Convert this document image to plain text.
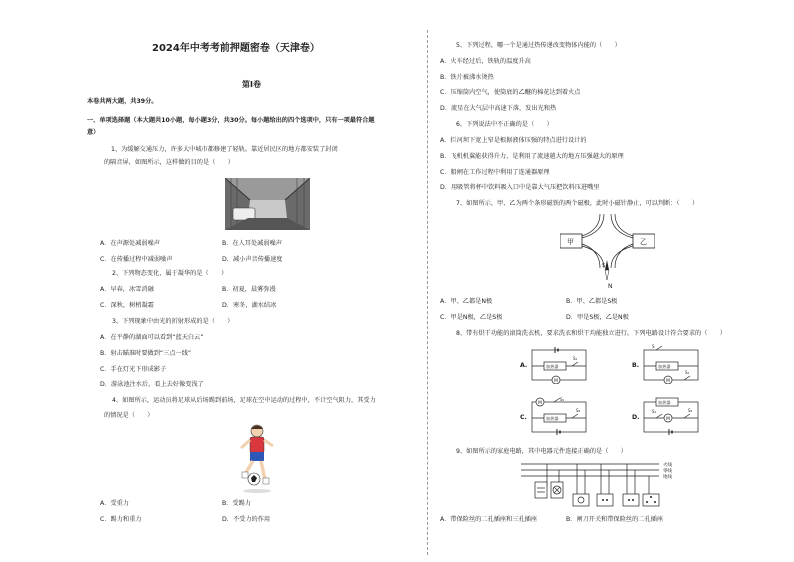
2024年中考考前押题密卷（天津卷）
第Ⅰ卷
本卷共两大题，共39分。
一、单项选择题（本大题共10小题，每小题3分，共30分。每小题给出的四个选项中，只有一项最符合题
意）
1、为缓解交通压力，许多大中城市都修建了轻轨。靠近居民区的地方都安装了封闭
的隔音屏，如图所示，这样做的目的是（　　）
A．在声源处减弱噪声	B．在人耳处减弱噪声
C．在传播过程中减弱噪声	D．减小声音传播速度
2、下列物态变化，属于凝华的是（　　）
A．早春，冰雪消融	B．初夏，晨雾弥漫
C．深秋，树梢凝霜	D．寒冬，湖水结冰
3、下列现象中由光的折射形成的是（　　）
A．在平静的湖面可以看到“蓝天白云”
B．射击瞄准时要做到“三点一线”
C．手在灯光下形成影子
D．游泳池注水后，看上去好像变浅了
4、如图所示，运动员将足球从后场踢到前场，足球在空中运动的过程中，不计空气阻力，其受力
的情况是（　　）
A．受重力	B．受踢力
C．踢力和重力	D．不受力的作用
5、下列过程，哪一个是通过热传递改变物体内能的（　　）
A．火车经过后，铁轨的温度升高
B．铁片被沸水烫热
C．压缩筒内空气，使筒底的乙醚的棉花达到着火点
D．流星在大气层中高速下落，发出光和热
6、下列说法中不正确的是（　　）
A．拦河坝下宽上窄是根据液体压强的特点进行设计的
B．飞机机翼能获得升力，是利用了流速越大的地方压强越大的原理
C．船闸在工作过程中利用了连通器原理
D．用吸管将杯中饮料吸入口中是靠大气压把饮料压进嘴里
7、如图所示，甲、乙为两个条形磁铁的两个磁极，此时小磁针静止，可以判断：（　　）
甲	乙
S
N
A．甲、乙都是N极	B．甲、乙都是S极
C．甲是N极，乙是S极	D．甲是S极，乙是N极
8、带有烘干功能的滚筒洗衣机，要求洗衣和烘干均能独立进行。下列电路设计符合要求的（　　）
A.	加热器
M
S₁
B.
S
加热器
M
S₁
C.
M
S₁
加热器
S₂
D.
加热器
S₁
M
S₂
9、如图所示的家庭电路，其中电器元件连接正确的是（　　）
火线
零线
地线
A．带保险丝的二孔插座和三孔插座	B．闸刀开关和带保险丝的二孔插座
